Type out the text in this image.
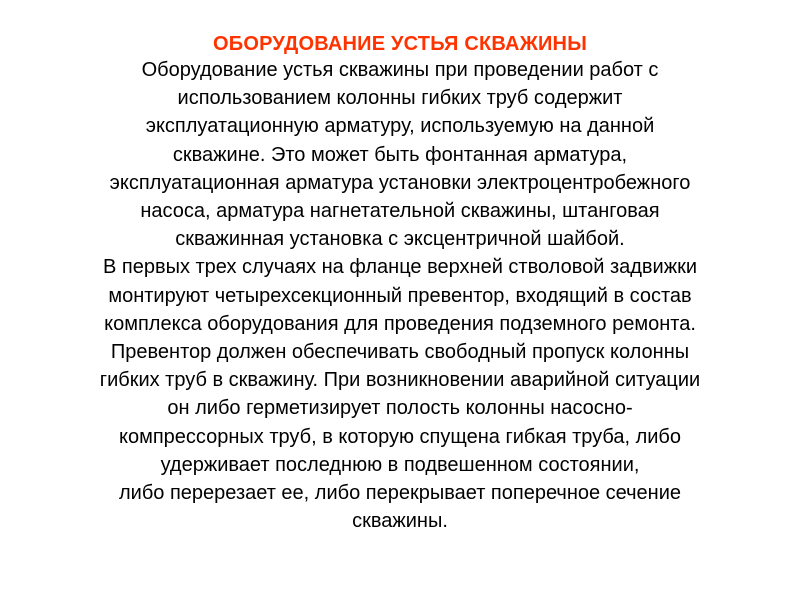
ОБОРУДОВАНИЕ УСТЬЯ СКВАЖИНЫ
Оборудование устья скважины при проведении работ с
использованием колонны гибких труб содержит
эксплуатационную арматуру, используемую на данной
скважине. Это может быть фонтанная арматура,
эксплуатационная арматура установки электроцентробежного
насоса, арматура нагнетательной скважины, штанговая
скважинная установка с эксцентричной шайбой.
В первых трех случаях на фланце верхней стволовой задвижки
монтируют четырехсекционный превентор, входящий в состав
комплекса оборудования для проведения подземного ремонта.
Превентор должен обеспечивать свободный пропуск колонны
гибких труб в скважину. При возникновении аварийной ситуации
он либо герметизирует полость колонны насосно-
компрессорных труб, в которую спущена гибкая труба, либо
удерживает последнюю в подвешенном состоянии,
либо перерезает ее, либо перекрывает поперечное сечение
скважины.
